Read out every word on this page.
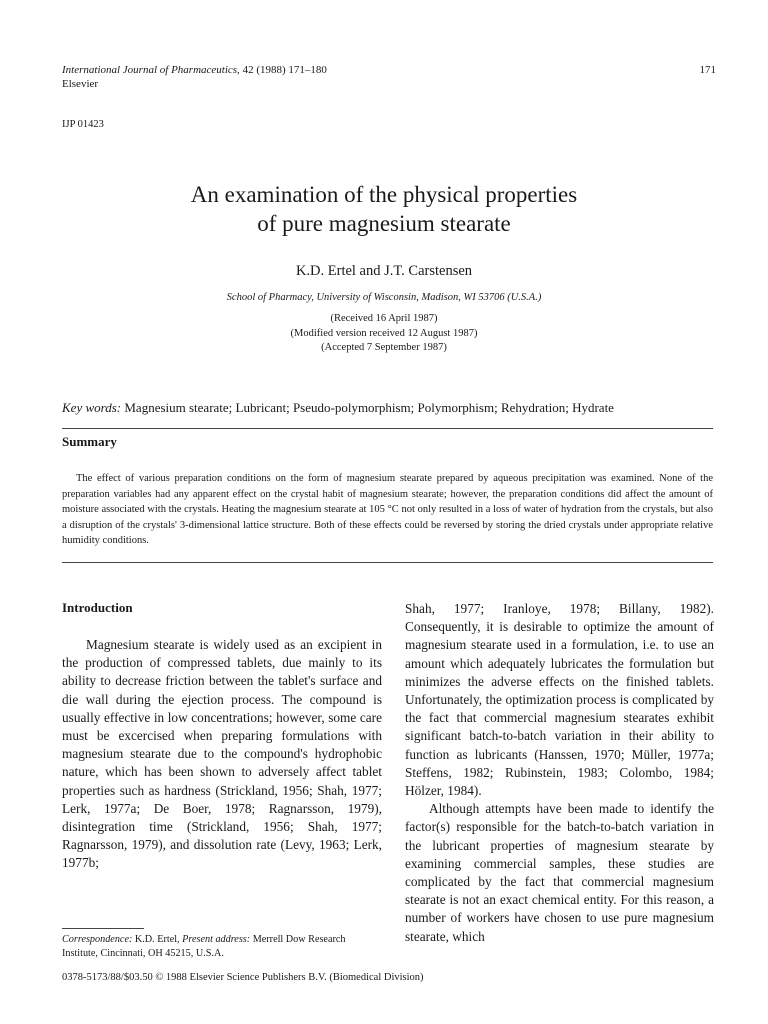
International Journal of Pharmaceutics, 42 (1988) 171–180
Elsevier
171
IJP 01423
An examination of the physical properties
of pure magnesium stearate
K.D. Ertel and J.T. Carstensen
School of Pharmacy, University of Wisconsin, Madison, WI 53706 (U.S.A.)
(Received 16 April 1987)
(Modified version received 12 August 1987)
(Accepted 7 September 1987)
Key words: Magnesium stearate; Lubricant; Pseudo-polymorphism; Polymorphism; Rehydration; Hydrate
Summary
The effect of various preparation conditions on the form of magnesium stearate prepared by aqueous precipitation was examined. None of the preparation variables had any apparent effect on the crystal habit of magnesium stearate; however, the preparation conditions did affect the amount of moisture associated with the crystals. Heating the magnesium stearate at 105 °C not only resulted in a loss of water of hydration from the crystals, but also a disruption of the crystals' 3-dimensional lattice structure. Both of these effects could be reversed by storing the dried crystals under appropriate relative humidity conditions.
Introduction

Magnesium stearate is widely used as an excipient in the production of compressed tablets, due mainly to its ability to decrease friction between the tablet's surface and die wall during the ejection process. The compound is usually effective in low concentrations; however, some care must be excercised when preparing formulations with magnesium stearate due to the compound's hydrophobic nature, which has been shown to adversely affect tablet properties such as hardness (Strickland, 1956; Shah, 1977; Lerk, 1977a; De Boer, 1978; Ragnarsson, 1979), disintegration time (Strickland, 1956; Shah, 1977; Ragnarsson, 1979), and dissolution rate (Levy, 1963; Lerk, 1977b;

Shah, 1977; Iranloye, 1978; Billany, 1982). Consequently, it is desirable to optimize the amount of magnesium stearate used in a formulation, i.e. to use an amount which adequately lubricates the formulation but minimizes the adverse effects on the finished tablets. Unfortunately, the optimization process is complicated by the fact that commercial magnesium stearates exhibit significant batch-to-batch variation in their ability to function as lubricants (Hanssen, 1970; Müller, 1977a; Steffens, 1982; Rubinstein, 1983; Colombo, 1984; Hölzer, 1984).

Although attempts have been made to identify the factor(s) responsible for the batch-to-batch variation in the lubricant properties of magnesium stearate by examining commercial samples, these studies are complicated by the fact that commercial magnesium stearate is not an exact chemical entity. For this reason, a number of workers have chosen to use pure magnesium stearate, which

Correspondence: K.D. Ertel, Present address: Merrell Dow Research Institute, Cincinnati, OH 45215, U.S.A.
0378-5173/88/$03.50 © 1988 Elsevier Science Publishers B.V. (Biomedical Division)
